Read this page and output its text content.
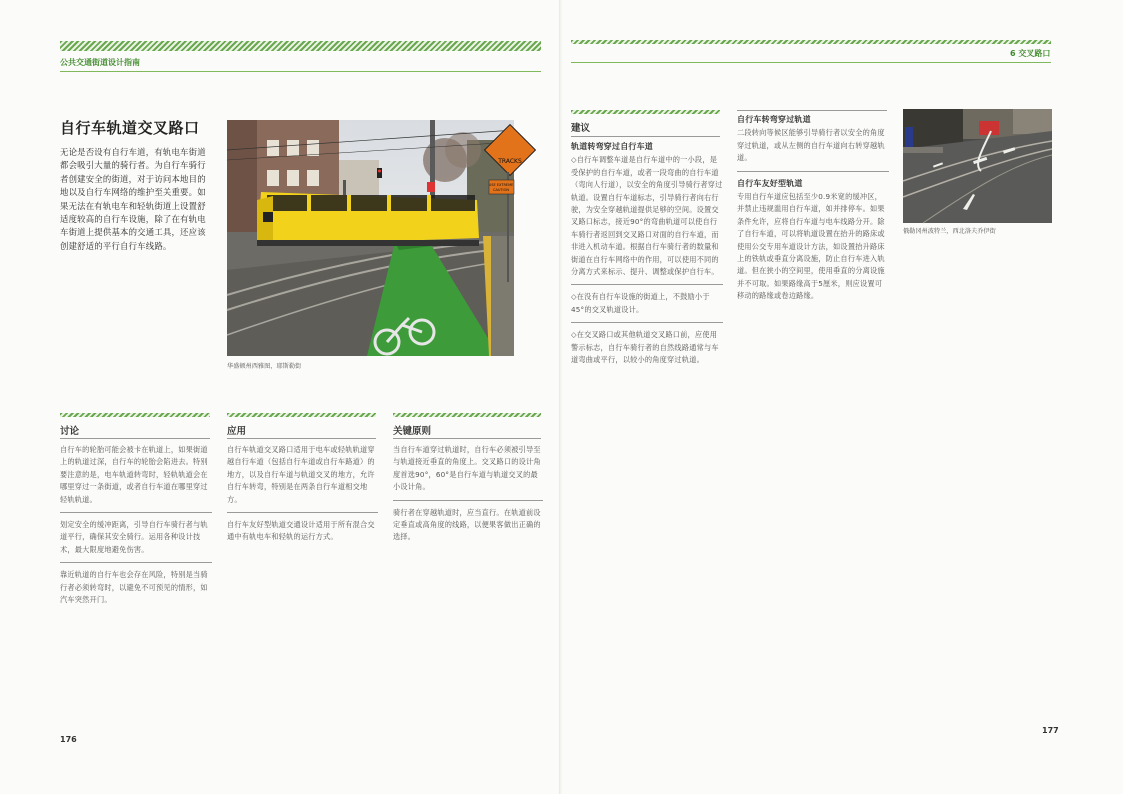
公共交通街道设计指南
自行车轨道交叉路口
无论是否设有自行车道，有轨电车街道都会吸引大量的骑行者。为自行车骑行者创建安全的街道，对于访问本地目的地以及自行车网络的维护至关重要。如果无法在有轨电车和轻轨街道上设置舒适度较高的自行车设施，除了在有轨电车街道上提供基本的交通工具，还应该创建舒适的平行自行车线路。
TRACKS
USE EXTREME
CAUTION
华盛顿州西雅图，耶斯勒街
讨论

自行车的轮胎可能会被卡在轨道上，如果街道上的轨道过深，自行车的轮胎会陷进去。特别要注意的是，电车轨道转弯时，轻轨轨道会在哪里穿过一条街道，或者自行车道在哪里穿过轻轨轨道。

划定安全的缓冲距离，引导自行车骑行者与轨道平行，确保其安全骑行。运用各种设计技术，最大限度地避免伤害。

靠近轨道的自行车也会存在风险，特别是当骑行者必须转弯时，以避免不可预见的情形，如汽车突然开门。

应用

自行车轨道交叉路口适用于电车或轻轨轨道穿越自行车道（包括自行车道或自行车路道）的地方，以及自行车道与轨道交叉的地方，允许自行车转弯，特别是在两条自行车道相交地方。

自行车友好型轨道交通设计适用于所有混合交通中有轨电车和轻轨的运行方式。

关键原则

当自行车道穿过轨道时，自行车必须被引导至与轨道接近垂直的角度上。交叉路口的设计角度首选90°，60°是自行车道与轨道交叉的最小设计角。

骑行者在穿越轨道时，应当直行。在轨道前设定垂直或高角度的线路，以便果客做出正确的选择。

176
6 交叉路口
建议
轨道转弯穿过自行车道

◇自行车调整车道是自行车道中的一小段，是受保护的自行车道，或者一段弯曲的自行车道（弯向人行道），以安全的角度引导骑行者穿过轨道。设置自行车道标志，引导骑行者向右行驶，为安全穿越轨道提供足够的空间。设置交叉路口标志，接近90°的弯曲轨道可以使自行车骑行者返回到交叉路口对面的自行车道，而非进入机动车道。根据自行车骑行者的数量和街道在自行车网络中的作用，可以使用不同的分离方式来标示、提升、调整或保护自行车。

◇在没有自行车设施的街道上，不鼓励小于45°的交叉轨道设计。

◇在交叉路口或其他轨道交叉路口前，应使用警示标志，自行车骑行者的自然线路通常与车道弯曲或平行，以较小的角度穿过轨道。

自行车转弯穿过轨道

二段转向等候区能够引导骑行者以安全的角度穿过轨道，或从左侧的自行车道向右转穿越轨道。

自行车友好型轨道

专用自行车道应包括至少0.9米宽的缓冲区，并禁止违规滥用自行车道，如并排停车。如果条件允许，应将自行车道与电车线路分开。除了自行车道，可以将轨道设置在抬升的路床或使用公交专用车道设计方法，如设置抬升路床上的铁轨或垂直分离设施，防止自行车进入轨道。但在狭小的空间里，使用垂直的分离设施并不可取。如果路缘高于5厘米，则应设置可移动的路缘或卷边路缘。

俄勒冈州波特兰，西北洛夫乔伊街
177
